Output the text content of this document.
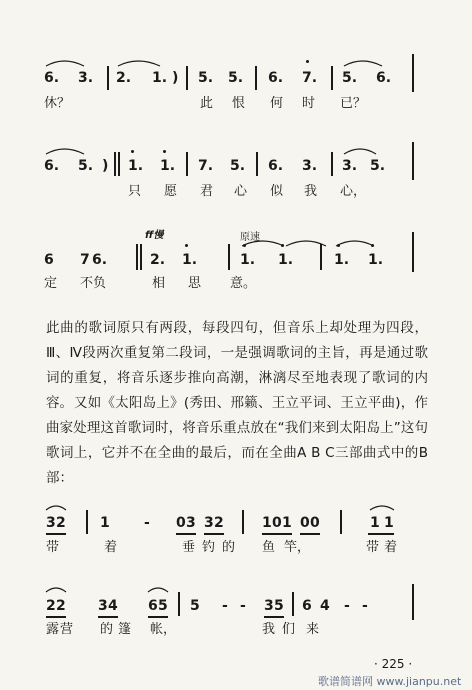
6. 3. 2. 1. ) 5. 5. 6. 7. 5. 6.
休？	此 恨 何 时 已？
6. 5. ) 1. 1. 7. 5. 6. 3. 3. 5.
只 愿 君 心 似 我 心，
ff慢	原速
6 7 6.	2. 1.	1. 1.	1. 1.
定 不负	相 思 意。
此曲的歌词原只有两段，每段四句，但音乐上却处理为四段，Ⅲ、Ⅳ段两次重复第二段词，一是强调歌词的主旨，再是通过歌词的重复，将音乐逐步推向高潮，淋漓尽至地表现了歌词的内容。 又如《太阳岛上》(秀田、邢籁、王立平词、王立平曲)，作曲家处理这首歌词时，将音乐重点放在“我们来到太阳岛上”这句歌词上，它并不在全曲的最后，而在全曲A B C三部曲式中的B部：
3 2 1 - 0 3 3 2	1 0 1 0 0	1 1
带	着	垂 钓 的 鱼 竿，	带 着
2 2 3 4 6 5 5 - - 3 5 6 4 - -
露 营 的 篷 帐，	我 们 来
· 225 ·
歌谱简谱网 www.jianpu.net
